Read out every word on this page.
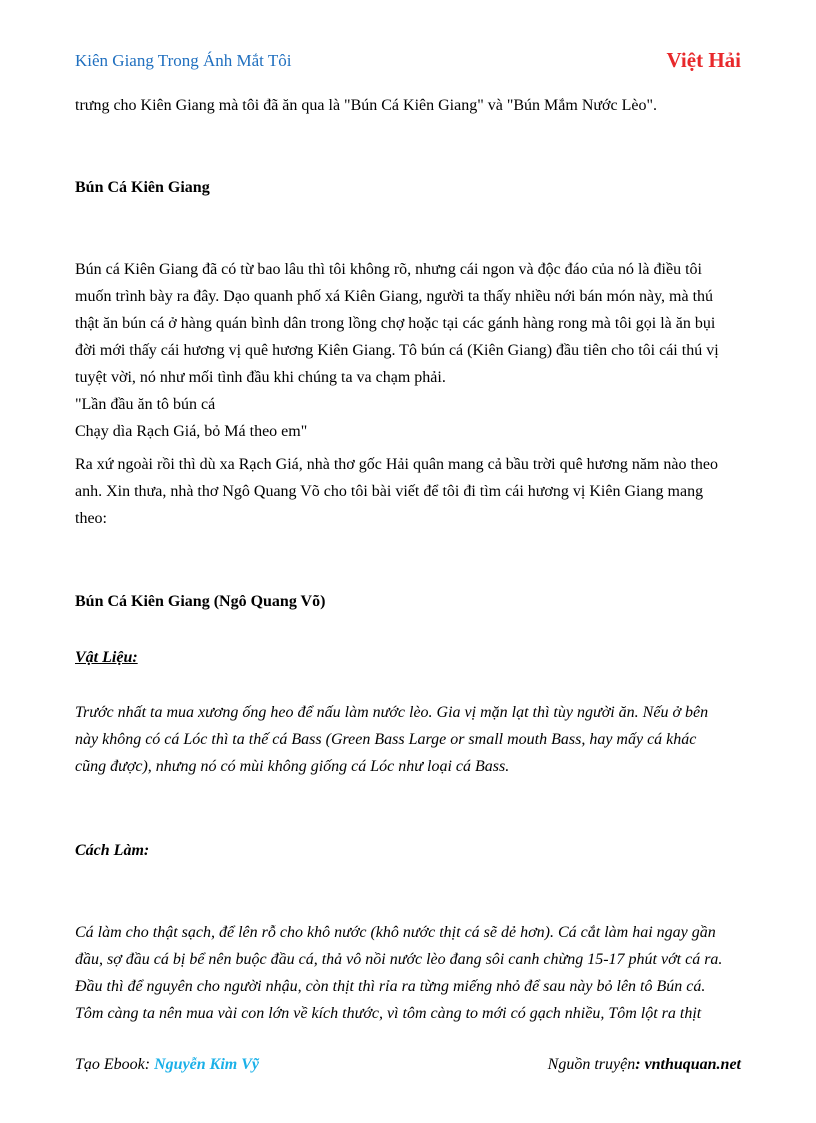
Kiên Giang Trong Ánh Mắt Tôi	Việt Hải
trưng cho Kiên Giang mà tôi đã ăn qua là "Bún Cá Kiên Giang" và "Bún Mắm Nước Lèo".
Bún Cá Kiên Giang
Bún cá Kiên Giang đã có từ bao lâu thì tôi không rõ, nhưng cái ngon và độc đáo của nó là điều tôi
muốn trình bày ra đây. Dạo quanh phố xá Kiên Giang, người ta thấy nhiều nới bán món này, mà thú
thật ăn bún cá ở hàng quán bình dân trong lồng chợ hoặc tại các gánh hàng rong mà tôi gọi là ăn bụi
đời mới thấy cái hương vị quê hương Kiên Giang. Tô bún cá (Kiên Giang) đầu tiên cho tôi cái thú vị
tuyệt vời, nó như mối tình đầu khi chúng ta va chạm phải.
"Lần đầu ăn tô bún cá
Chạy dìa Rạch Giá, bỏ Má theo em"
Ra xứ ngoài rồi thì dù xa Rạch Giá, nhà thơ gốc Hải quân mang cả bầu trời quê hương năm nào theo
anh. Xin thưa, nhà thơ Ngô Quang Võ cho tôi bài viết để tôi đi tìm cái hương vị Kiên Giang mang
theo:
Bún Cá Kiên Giang (Ngô Quang Võ)
Vật Liệu:
Trước nhất ta mua xương ống heo để nấu làm nước lèo. Gia vị mặn lạt thì tùy người ăn. Nếu ở bên
này không có cá Lóc thì ta thế cá Bass (Green Bass Large or small mouth Bass, hay mấy cá khác
cũng được), nhưng nó có mùi không giống cá Lóc như loại cá Bass.
Cách Làm:
Cá làm cho thật sạch, để lên rỗ cho khô nước (khô nước thịt cá sẽ dẻ hơn). Cá cắt làm hai ngay gần
đầu, sợ đầu cá bị bể nên buộc đầu cá, thả vô nồi nước lèo đang sôi canh chừng 15-17 phút vớt cá ra.
Đầu thì để nguyên cho người nhậu, còn thịt thì rỉa ra từng miếng nhỏ để sau này bỏ lên tô Bún cá.
Tôm càng ta nên mua vài con lớn về kích thước, vì tôm càng to mới có gạch nhiều, Tôm lột ra thịt
Tạo Ebook: Nguyễn Kim Vỹ	Nguồn truyện: vnthuquan.net
